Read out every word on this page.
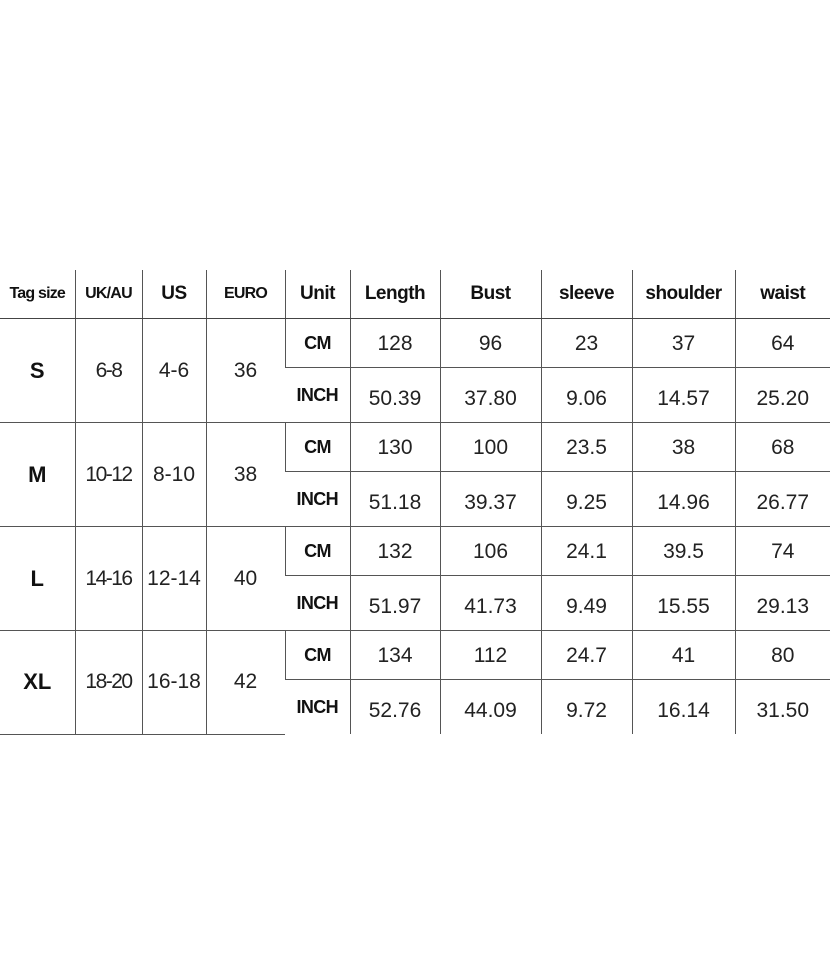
Tag size	UK/AU	US	EURO	Unit	Length	Bust	sleeve	shoulder	waist
S	6-8	4-6	36	CM	128	96	23	37	64
				INCH	50.39	37.80	9.06	14.57	25.20
M	10-12	8-10	38	CM	130	100	23.5	38	68
				INCH	51.18	39.37	9.25	14.96	26.77
L	14-16	12-14	40	CM	132	106	24.1	39.5	74
				INCH	51.97	41.73	9.49	15.55	29.13
XL	18-20	16-18	42	CM	134	112	24.7	41	80
				INCH	52.76	44.09	9.72	16.14	31.50
